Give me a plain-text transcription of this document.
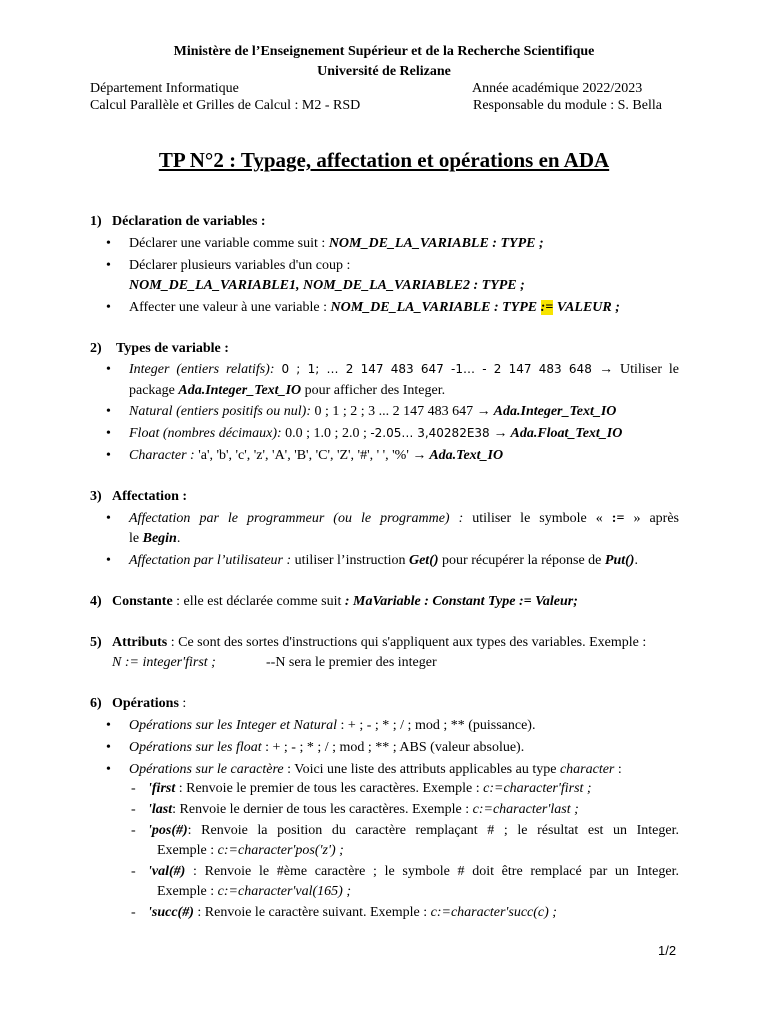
Ministère de l’Enseignement Supérieur et de la Recherche Scientifique
Université de Relizane
Département Informatique	Année académique 2022/2023
Calcul Parallèle et Grilles de Calcul : M2 - RSD	Responsable du module : S. Bella
TP N°2 : Typage, affectation et opérations en ADA
1) Déclaration de variables :
• Déclarer une variable comme suit : NOM_DE_LA_VARIABLE : TYPE ;
• Déclarer plusieurs variables d'un coup :
NOM_DE_LA_VARIABLE1, NOM_DE_LA_VARIABLE2 : TYPE ;
• Affecter une valeur à une variable : NOM_DE_LA_VARIABLE : TYPE := VALEUR ;
2) Types de variable :
• Integer (entiers relatifs): 0 ; 1; … 2 147 483 647 -1… - 2 147 483 648 → Utiliser le
package Ada.Integer_Text_IO pour afficher des Integer.
• Natural (entiers positifs ou nul): 0 ; 1 ; 2 ; 3 ... 2 147 483 647 → Ada.Integer_Text_IO
• Float (nombres décimaux): 0.0 ; 1.0 ; 2.0 ; -2.05… 3,40282E38 → Ada.Float_Text_IO
• Character : 'a', 'b', 'c', 'z', 'A', 'B', 'C', 'Z', '#', ' ', '%' → Ada.Text_IO
3) Affectation :
• Affectation par le programmeur (ou le programme) : utiliser le symbole « := » après
le Begin.
• Affectation par l’utilisateur : utiliser l’instruction Get() pour récupérer la réponse de Put().
4) Constante : elle est déclarée comme suit : MaVariable : Constant Type := Valeur;
5) Attributs : Ce sont des sortes d'instructions qui s'appliquent aux types des variables. Exemple :
N := integer'first ;	--N sera le premier des integer
6) Opérations :
• Opérations sur les Integer et Natural : + ; - ; * ; / ; mod ; ** (puissance).
• Opérations sur les float : + ; - ; * ; / ; mod ; ** ; ABS (valeur absolue).
• Opérations sur le caractère : Voici une liste des attributs applicables au type character :
- 'first : Renvoie le premier de tous les caractères. Exemple : c:=character'first ;
- 'last: Renvoie le dernier de tous les caractères. Exemple : c:=character'last ;
- 'pos(#): Renvoie la position du caractère remplaçant # ; le résultat est un Integer.
Exemple : c:=character'pos('z') ;
- 'val(#) : Renvoie le #ème caractère ; le symbole # doit être remplacé par un Integer.
Exemple : c:=character'val(165) ;
- 'succ(#) : Renvoie le caractère suivant. Exemple : c:=character'succ(c) ;
1/2
